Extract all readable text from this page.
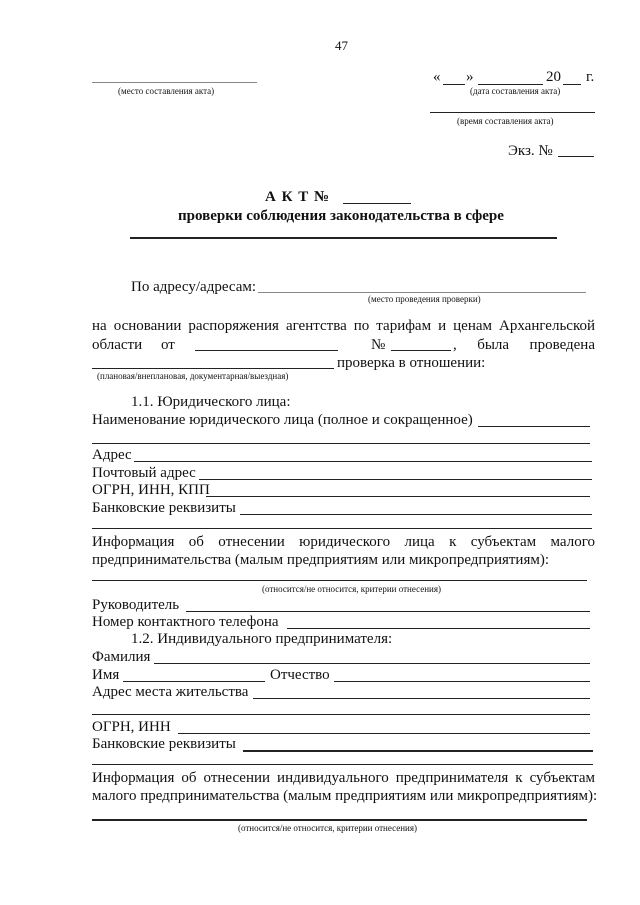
47
(место составления акта)
« »	20 г.
(дата составления акта)
(время составления акта)
Экз. №
А К Т №
проверки соблюдения законодательства в сфере
По адресу/адресам:
(место проведения проверки)
на основании распоряжения агентства по тарифам и ценам Архангельской
области от	№	, была проведена
проверка в отношении:
(плановая/внеплановая, документарная/выездная)
1.1. Юридического лица:
Наименование юридического лица (полное и сокращенное)
Адрес
Почтовый адрес
ОГРН, ИНН, КПП
Банковские реквизиты
Информация об отнесении юридического лица к субъектам малого
предпринимательства (малым предприятиям или микропредприятиям):
(относится/не относится, критерии отнесения)
Руководитель
Номер контактного телефона
1.2. Индивидуального предпринимателя:
Фамилия
Имя	Отчество
Адрес места жительства
ОГРН, ИНН
Банковские реквизиты
Информация об отнесении индивидуального предпринимателя к субъектам
малого предпринимательства (малым предприятиям или микропредприятиям):
(относится/не относится, критерии отнесения)
